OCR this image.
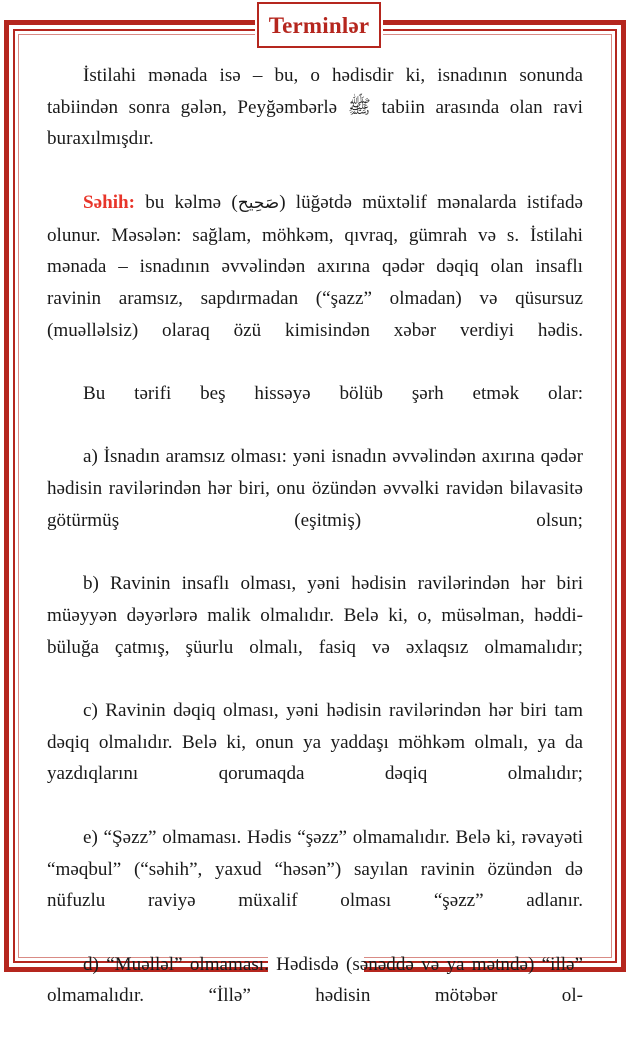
Terminlər

İstilahi mənada isə – bu, o hədisdir ki, isnadının sonunda tabiindən sonra gələn, Peyğəmbərlə ﷺ tabiin arasında olan ravi buraxılmışdır.

Səhih: bu kəlmə (صَحِيح) lüğətdə müxtəlif mənalarda istifadə olunur. Məsələn: sağlam, möhkəm, qıvraq, gümrah və s. İstilahi mənada – isnadının əvvəlindən axırına qədər dəqiq olan insaflı ravinin aramsız, sapdırmadan (“şazz” olmadan) və qüsursuz (muəlləlsiz) olaraq özü kimisindən xəbər verdiyi hədis.

Bu tərifi beş hissəyə bölüb şərh etmək olar:

a) İsnadın aramsız olması: yəni isnadın əvvəlindən axırına qədər hədisin ravilərindən hər biri, onu özündən əvvəlki ravidən bilavasitə götürmüş (eşitmiş) olsun;

b) Ravinin insaflı olması, yəni hədisin ravilərindən hər biri müəyyən dəyərlərə malik olmalıdır. Belə ki, o, müsəlman, həddi-büluğa çatmış, şüurlu olmalı, fasiq və əxlaqsız olmamalıdır;

c) Ravinin dəqiq olması, yəni hədisin ravilərindən hər biri tam dəqiq olmalıdır. Belə ki, onun ya yaddaşı möhkəm olmalı, ya da yazdıqlarını qorumaqda dəqiq olmalıdır;

e) “Şəzz” olmaması. Hədis “şəzz” olmamalıdır. Belə ki, rəvayəti “məqbul” (“səhih”, yaxud “həsən”) sayılan ravinin özündən də nüfuzlu raviyə müxalif olması “şəzz” adlanır.

d) “Muəlləl” olmaması. Hədisdə (sənəddə və ya mətndə) “illə” olmamalıdır. “İllə” hədisin mötəbər ol-
